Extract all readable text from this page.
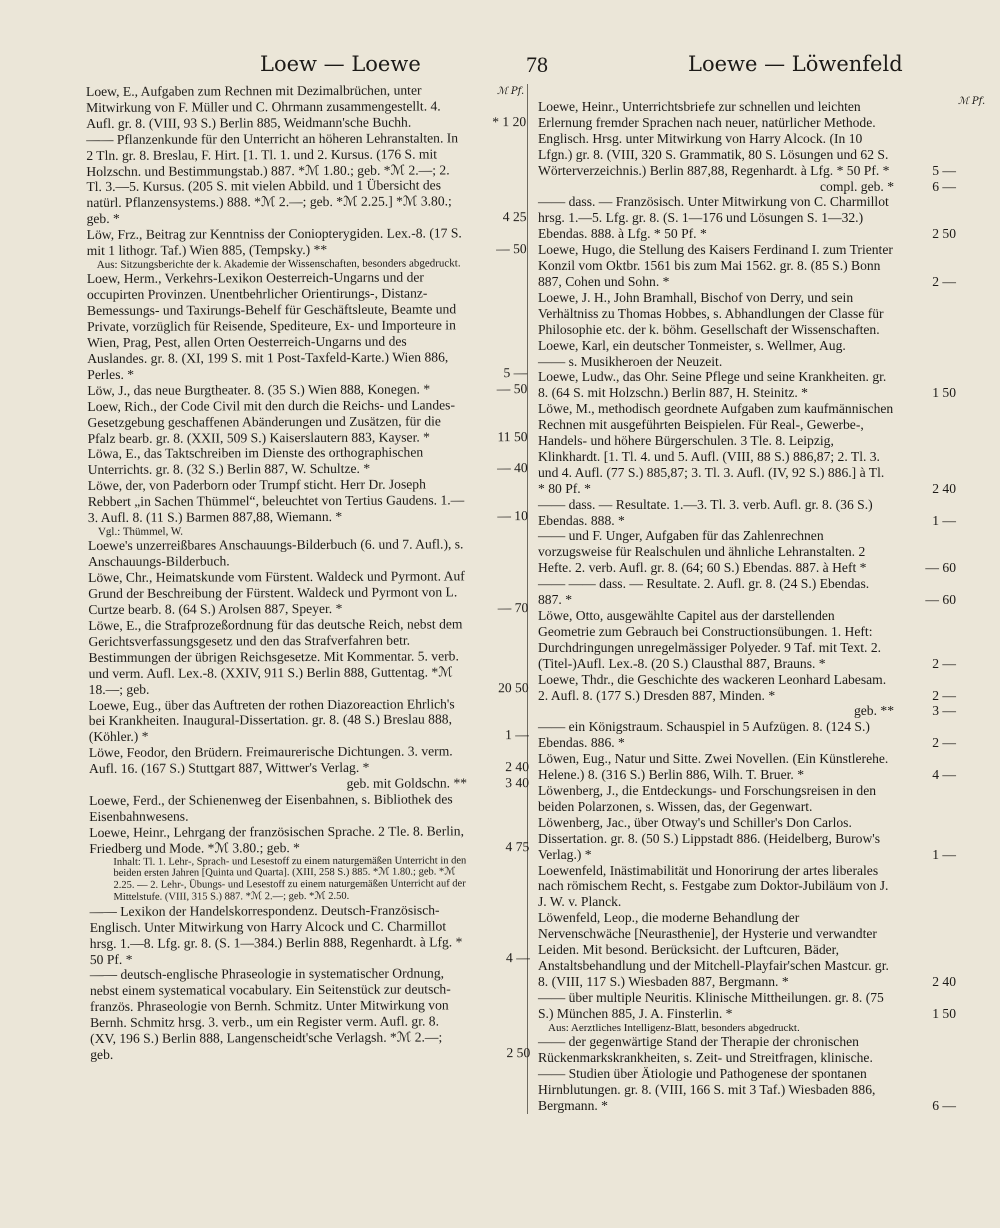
Loew — Loewe	78	Loewe — Löwenfeld
ℳ Pf.
ℳ Pf.
Loew, E., Aufgaben zum Rechnen mit Dezimalbrüchen, unter Mitwirkung von F. Müller und C. Ohrmann zusammengestellt. 4. Aufl. gr. 8. (VIII, 93 S.) Berlin 885, Weidmann'sche Buchh.	* 1 20
—— Pflanzenkunde für den Unterricht an höheren Lehranstalten. In 2 Tln. gr. 8. Breslau, F. Hirt. [1. Tl. 1. und 2. Kursus. (176 S. mit Holzschn. und Bestimmungstab.) 887. *ℳ 1.80.; geb. *ℳ 2.—; 2. Tl. 3.—5. Kursus. (205 S. mit vielen Abbild. und 1 Übersicht des natürl. Pflanzensystems.) 888. *ℳ 2.—; geb. *ℳ 2.25.] *ℳ 3.80.; geb. *	4 25
Löw, Frz., Beitrag zur Kenntniss der Coniopterygiden. Lex.-8. (17 S. mit 1 lithogr. Taf.) Wien 885, (Tempsky.) **	— 50
Aus: Sitzungsberichte der k. Akademie der Wissenschaften, besonders abgedruckt.
Loew, Herm., Verkehrs-Lexikon Oesterreich-Ungarns und der occupirten Provinzen. Unentbehrlicher Orientirungs-, Distanz-Bemessungs- und Taxirungs-Behelf für Geschäftsleute, Beamte und Private, vorzüglich für Reisende, Spediteure, Ex- und Importeure in Wien, Prag, Pest, allen Orten Oesterreich-Ungarns und des Auslandes. gr. 8. (XI, 199 S. mit 1 Post-Taxfeld-Karte.) Wien 886, Perles. *	5 —
Löw, J., das neue Burgtheater. 8. (35 S.) Wien 888, Konegen. *	— 50
Loew, Rich., der Code Civil mit den durch die Reichs- und Landes-Gesetzgebung geschaffenen Abänderungen und Zusätzen, für die Pfalz bearb. gr. 8. (XXII, 509 S.) Kaiserslautern 883, Kayser. *	11 50
Löwa, E., das Taktschreiben im Dienste des orthographischen Unterrichts. gr. 8. (32 S.) Berlin 887, W. Schultze. *	— 40
Löwe, der, von Paderborn oder Trumpf sticht. Herr Dr. Joseph Rebbert „in Sachen Thümmel“, beleuchtet von Tertius Gaudens. 1.—3. Aufl. 8. (11 S.) Barmen 887,88, Wiemann. *	— 10
Vgl.: Thümmel, W.
Loewe's unzerreißbares Anschauungs-Bilderbuch (6. und 7. Aufl.), s. Anschauungs-Bilderbuch.
Löwe, Chr., Heimatskunde vom Fürstent. Waldeck und Pyrmont. Auf Grund der Beschreibung der Fürstent. Waldeck und Pyrmont von L. Curtze bearb. 8. (64 S.) Arolsen 887, Speyer. *	— 70
Löwe, E., die Strafprozeßordnung für das deutsche Reich, nebst dem Gerichtsverfassungsgesetz und den das Strafverfahren betr. Bestimmungen der übrigen Reichsgesetze. Mit Kommentar. 5. verb. und verm. Aufl. Lex.-8. (XXIV, 911 S.) Berlin 888, Guttentag. *ℳ 18.—; geb.	20 50
Loewe, Eug., über das Auftreten der rothen Diazoreaction Ehrlich's bei Krankheiten. Inaugural-Dissertation. gr. 8. (48 S.) Breslau 888, (Köhler.) *	1 —
Löwe, Feodor, den Brüdern. Freimaurerische Dichtungen. 3. verm. Aufl. 16. (167 S.) Stuttgart 887, Wittwer's Verlag. *	2 40
geb. mit Goldschn. **	3 40
Loewe, Ferd., der Schienenweg der Eisenbahnen, s. Bibliothek des Eisenbahnwesens.
Loewe, Heinr., Lehrgang der französischen Sprache. 2 Tle. 8. Berlin, Friedberg und Mode. *ℳ 3.80.; geb. *	4 75
Inhalt: Tl. 1. Lehr-, Sprach- und Lesestoff zu einem naturgemäßen Unterricht in den beiden ersten Jahren [Quinta und Quarta]. (XIII, 258 S.) 885. *ℳ 1.80.; geb. *ℳ 2.25. — 2. Lehr-, Übungs- und Lesestoff zu einem naturgemäßen Unterricht auf der Mittelstufe. (VIII, 315 S.) 887. *ℳ 2.—; geb. *ℳ 2.50.
—— Lexikon der Handelskorrespondenz. Deutsch-Französisch-Englisch. Unter Mitwirkung von Harry Alcock und C. Charmillot hrsg. 1.—8. Lfg. gr. 8. (S. 1—384.) Berlin 888, Regenhardt. à Lfg. * 50 Pf. *	4 —
—— deutsch-englische Phraseologie in systematischer Ordnung, nebst einem systematical vocabulary. Ein Seitenstück zur deutsch-französ. Phraseologie von Bernh. Schmitz. Unter Mitwirkung von Bernh. Schmitz hrsg. 3. verb., um ein Register verm. Aufl. gr. 8. (XV, 196 S.) Berlin 888, Langenscheidt'sche Verlagsh. *ℳ 2.—; geb.	2 50
Loewe, Heinr., Unterrichtsbriefe zur schnellen und leichten Erlernung fremder Sprachen nach neuer, natürlicher Methode. Englisch. Hrsg. unter Mitwirkung von Harry Alcock. (In 10 Lfgn.) gr. 8. (VIII, 320 S. Grammatik, 80 S. Lösungen und 62 S. Wörterverzeichnis.) Berlin 887,88, Regenhardt. à Lfg. * 50 Pf. *	5 —
compl. geb. *	6 —
—— dass. — Französisch. Unter Mitwirkung von C. Charmillot hrsg. 1.—5. Lfg. gr. 8. (S. 1—176 und Lösungen S. 1—32.) Ebendas. 888. à Lfg. * 50 Pf. *	2 50
Loewe, Hugo, die Stellung des Kaisers Ferdinand I. zum Trienter Konzil vom Oktbr. 1561 bis zum Mai 1562. gr. 8. (85 S.) Bonn 887, Cohen und Sohn. *	2 —
Loewe, J. H., John Bramhall, Bischof von Derry, und sein Verhältniss zu Thomas Hobbes, s. Abhandlungen der Classe für Philosophie etc. der k. böhm. Gesellschaft der Wissenschaften.
Loewe, Karl, ein deutscher Tonmeister, s. Wellmer, Aug.
—— s. Musikheroen der Neuzeit.
Loewe, Ludw., das Ohr. Seine Pflege und seine Krankheiten. gr. 8. (64 S. mit Holzschn.) Berlin 887, H. Steinitz. *	1 50
Löwe, M., methodisch geordnete Aufgaben zum kaufmännischen Rechnen mit ausgeführten Beispielen. Für Real-, Gewerbe-, Handels- und höhere Bürgerschulen. 3 Tle. 8. Leipzig, Klinkhardt. [1. Tl. 4. und 5. Aufl. (VIII, 88 S.) 886,87; 2. Tl. 3. und 4. Aufl. (77 S.) 885,87; 3. Tl. 3. Aufl. (IV, 92 S.) 886.] à Tl. * 80 Pf. *	2 40
—— dass. — Resultate. 1.—3. Tl. 3. verb. Aufl. gr. 8. (36 S.) Ebendas. 888. *	1 —
—— und F. Unger, Aufgaben für das Zahlenrechnen vorzugsweise für Realschulen und ähnliche Lehranstalten. 2 Hefte. 2. verb. Aufl. gr. 8. (64; 60 S.) Ebendas. 887. à Heft *	— 60
—— —— dass. — Resultate. 2. Aufl. gr. 8. (24 S.) Ebendas. 887. *	— 60
Löwe, Otto, ausgewählte Capitel aus der darstellenden Geometrie zum Gebrauch bei Constructionsübungen. 1. Heft: Durchdringungen unregelmässiger Polyeder. 9 Taf. mit Text. 2. (Titel-)Aufl. Lex.-8. (20 S.) Clausthal 887, Brauns. *	2 —
Loewe, Thdr., die Geschichte des wackeren Leonhard Labesam. 2. Aufl. 8. (177 S.) Dresden 887, Minden. *	2 —
geb. **	3 —
—— ein Königstraum. Schauspiel in 5 Aufzügen. 8. (124 S.) Ebendas. 886. *	2 —
Löwen, Eug., Natur und Sitte. Zwei Novellen. (Ein Künstlerehe. Helene.) 8. (316 S.) Berlin 886, Wilh. T. Bruer. *	4 —
Löwenberg, J., die Entdeckungs- und Forschungsreisen in den beiden Polarzonen, s. Wissen, das, der Gegenwart.
Löwenberg, Jac., über Otway's und Schiller's Don Carlos. Dissertation. gr. 8. (50 S.) Lippstadt 886. (Heidelberg, Burow's Verlag.) *	1 —
Loewenfeld, Inästimabilität und Honorirung der artes liberales nach römischem Recht, s. Festgabe zum Doktor-Jubiläum von J. J. W. v. Planck.
Löwenfeld, Leop., die moderne Behandlung der Nervenschwäche [Neurasthenie], der Hysterie und verwandter Leiden. Mit besond. Berücksicht. der Luftcuren, Bäder, Anstaltsbehandlung und der Mitchell-Playfair'schen Mastcur. gr. 8. (VIII, 117 S.) Wiesbaden 887, Bergmann. *	2 40
—— über multiple Neuritis. Klinische Mittheilungen. gr. 8. (75 S.) München 885, J. A. Finsterlin. *	1 50
Aus: Aerztliches Intelligenz-Blatt, besonders abgedruckt.
—— der gegenwärtige Stand der Therapie der chronischen Rückenmarkskrankheiten, s. Zeit- und Streitfragen, klinische.
—— Studien über Ätiologie und Pathogenese der spontanen Hirnblutungen. gr. 8. (VIII, 166 S. mit 3 Taf.) Wiesbaden 886, Bergmann. *	6 —
